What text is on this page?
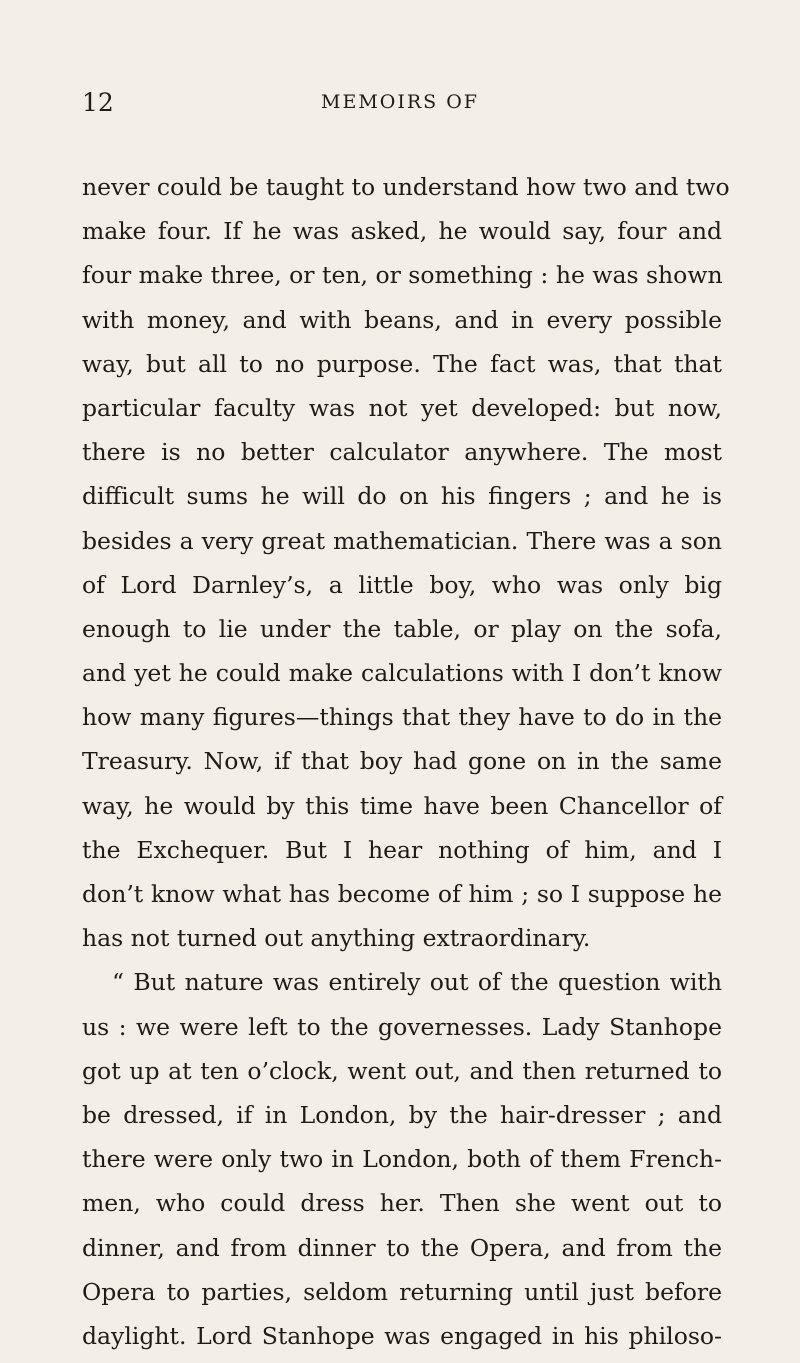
12	MEMOIRS OF
never could be taught to understand how two and two
make four. If he was asked, he would say, four and
four make three, or ten, or something : he was shown
with money, and with beans, and in every possible
way, but all to no purpose. The fact was, that that
particular faculty was not yet developed: but now,
there is no better calculator anywhere. The most
difficult sums he will do on his fingers ; and he is
besides a very great mathematician. There was a son
of Lord Darnley’s, a little boy, who was only big
enough to lie under the table, or play on the sofa,
and yet he could make calculations with I don’t know
how many figures—things that they have to do in the
Treasury. Now, if that boy had gone on in the same
way, he would by this time have been Chancellor of
the Exchequer. But I hear nothing of him, and I
don’t know what has become of him ; so I suppose he
has not turned out anything extraordinary.
“ But nature was entirely out of the question with
us : we were left to the governesses. Lady Stanhope
got up at ten o’clock, went out, and then returned to
be dressed, if in London, by the hair-dresser ; and
there were only two in London, both of them French-
men, who could dress her. Then she went out to
dinner, and from dinner to the Opera, and from the
Opera to parties, seldom returning until just before
daylight. Lord Stanhope was engaged in his philoso-
